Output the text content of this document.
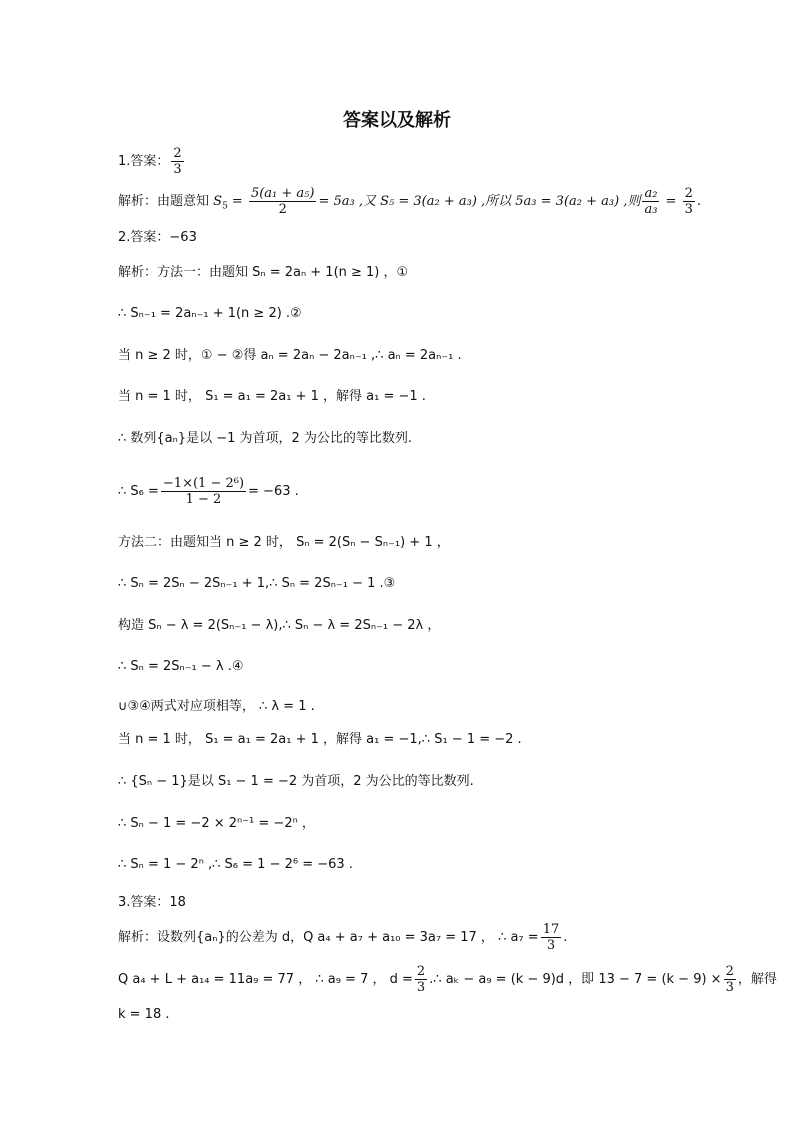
答案以及解析
1.答案： $\frac{2}{3}$
解析：由题意知 $S_5 = \frac{\text{5(a₁ + a₅)}}{2} = 5a_3$ ,又 S₅ = 3(a₂ + a₃) ,所以 5a₃ = 3(a₂ + a₃) ,则 $\frac{\text{a₂}}{\text{a₃}} = \frac{2}{3}$ .
2.答案：−63
解析：方法一：由题知 Sₙ = 2aₙ + 1(n ≥ 1) ，①
∴ Sₙ₋₁ = 2aₙ₋₁ + 1(n ≥ 2) .②
当 n ≥ 2 时，① − ②得 aₙ = 2aₙ − 2aₙ₋₁ ,∴ aₙ = 2aₙ₋₁ .
当 n = 1 时， S₁ = a₁ = 2a₁ + 1 ，解得 a₁ = −1 .
∴ 数列{aₙ}是以 −1 为首项，2 为公比的等比数列.
∴ $S_6 = \frac{\text{−1×(1 − 2⁶)}}{1 - 2} = -63$ .
方法二：由题知当 n ≥ 2 时， Sₙ = 2(Sₙ − Sₙ₋₁) + 1 ，
∴ Sₙ = 2Sₙ − 2Sₙ₋₁ + 1,∴ Sₙ = 2Sₙ₋₁ − 1 .③
构造 Sₙ − λ = 2(Sₙ₋₁ − λ),∴ Sₙ − λ = 2Sₙ₋₁ − 2λ ，
∴ Sₙ = 2Sₙ₋₁ − λ .④
∪③④两式对应项相等， ∴ λ = 1 .
当 n = 1 时， S₁ = a₁ = 2a₁ + 1 ，解得 a₁ = −1,∴ S₁ − 1 = −2 .
∴ {Sₙ − 1}是以 S₁ − 1 = −2 为首项，2 为公比的等比数列.
∴ Sₙ − 1 = −2 × 2ⁿ⁻¹ = −2ⁿ ，
∴ Sₙ = 1 − 2ⁿ ,∴ S₆ = 1 − 2⁶ = −63 .
3.答案：18
解析：设数列{aₙ}的公差为 d，Q a₄ + a₇ + a₁₀ = 3a₇ = 17 ， ∴ $a_7 = \frac{17}{3}$ .
Q a₄ + L + a₁₄ = 11a₉ = 77 ， ∴ a₉ = 7 ， $d = \frac{2}{3}$ .∴ aₖ − a₉ = (k − 9)d ，即 $13 - 7 = (k - 9) \times \frac{2}{3}$ ，解得
k = 18 .
